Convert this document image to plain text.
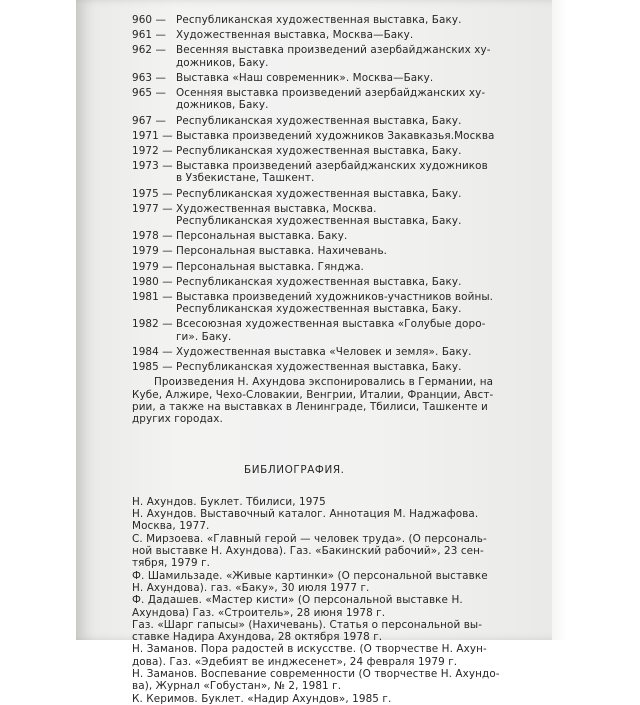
960 — Республиканская художественная выставка, Баку.
961 — Художественная выставка, Москва—Баку.
962 — Весенняя выставка произведений азербайджанских ху-
дожников, Баку.
963 — Выставка «Наш современник». Москва—Баку.
965 — Осенняя выставка произведений азербайджанских ху-
дожников, Баку.
967 — Республиканская художественная выставка, Баку.
1971 — Выставка произведений художников Закавказья.Москва
1972 — Республиканская художественная выставка, Баку.
1973 — Выставка произведений азербайджанских художников
в Узбекистане, Ташкент.
1975 — Республиканская художественная выставка, Баку.
1977 — Художественная выставка, Москва.
Республиканская художественная выставка, Баку.
1978 — Персональная выставка. Баку.
1979 — Персональная выставка. Нахичевань.
1979 — Персональная выставка. Гянджа.
1980 — Республиканская художественная выставка, Баку.
1981 — Выставка произведений художников-участников войны.
Республиканская художественная выставка, Баку.
1982 — Всесоюзная художественная выставка «Голубые доро-
ги». Баку.
1984 — Художественная выставка «Человек и земля». Баку.
1985 — Республиканская художественная выставка, Баку.
Произведения Н. Ахундова экспонировались в Германии, на
Кубе, Алжире, Чехо-Словакии, Венгрии, Италии, Франции, Авст-
рии, а также на выставках в Ленинграде, Тбилиси, Ташкенте и
других городах.
БИБЛИОГРАФИЯ.
Н. Ахундов. Буклет. Тбилиси, 1975
Н. Ахундов. Выставочный каталог. Аннотация М. Наджафова.
Москва, 1977.
С. Мирзоева. «Главный герой — человек труда». (О персональ-
ной выставке Н. Ахундова). Газ. «Бакинский рабочий», 23 сен-
тября, 1979 г.
Ф. Шамильзаде. «Живые картинки» (О персональной выставке
Н. Ахундова). газ. «Баку», 30 июля 1977 г.
Ф. Дадашев. «Мастер кисти» (О персональной выставке Н.
Ахундова) Газ. «Строитель», 28 июня 1978 г.
Газ. «Шарг гапысы» (Нахичевань). Статья о персональной вы-
ставке Надира Ахундова, 28 октября 1978 г.
Н. Заманов. Пора радостей в искусстве. (О творчестве Н. Ахун-
дова). Газ. «Эдебият ве инджесенет», 24 февраля 1979 г.
Н. Заманов. Воспевание современности (О творчестве Н. Ахундо-
ва), Журнал «Гобустан», № 2, 1981 г.
К. Керимов. Буклет. «Надир Ахундов», 1985 г.
